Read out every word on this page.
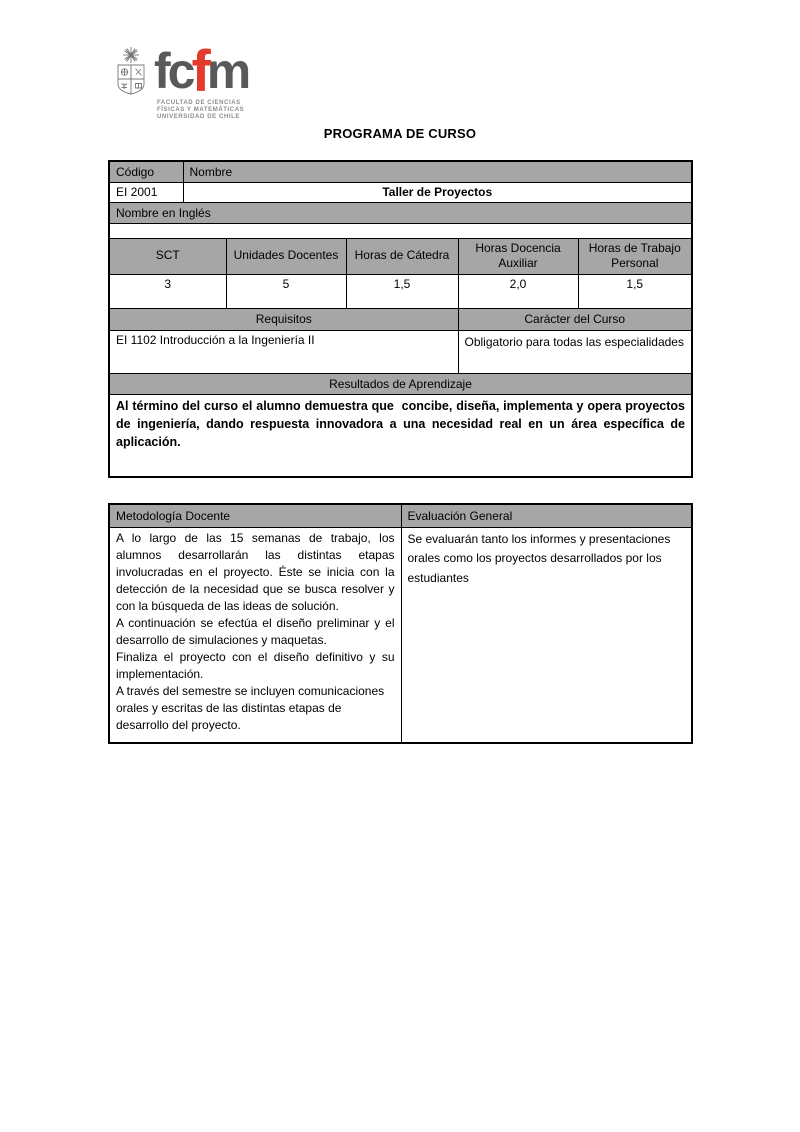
fc f m
FACULTAD DE CIENCIAS
FÍSICAS Y MATEMÁTICAS
UNIVERSIDAD DE CHILE
PROGRAMA DE CURSO
Código	Nombre				
EI 2001	Taller de Proyectos				
Nombre en Inglés					

SCT		Unidades Docentes	Horas de Cátedra	Horas Docencia Auxiliar	Horas de Trabajo Personal
3		5	1,5	2,0	1,5
Requisitos				Carácter del Curso	
EI 1102 Introducción a la Ingeniería II				Obligatorio para todas las especialidades	
Resultados de Aprendizaje					

Al término del curso el alumno demuestra que  concibe, diseña, implementa y opera proyectos de ingeniería, dando respuesta innovadora a una necesidad real en un área específica de aplicación.					

Metodología Docente	Evaluación General

A lo largo de las 15 semanas de trabajo, los alumnos desarrollarán las distintas etapas involucradas en el proyecto. Éste se inicia con la detección de la necesidad que se busca resolver y con la búsqueda de las ideas de solución.

A continuación se efectúa el diseño preliminar y el desarrollo de simulaciones y maquetas.

Finaliza el proyecto con el diseño definitivo y su implementación.

A través del semestre se incluyen comunicaciones orales y escritas de las distintas etapas de desarrollo del proyecto.	Se evaluarán tanto los informes y presentaciones orales como los proyectos desarrollados por los estudiantes
